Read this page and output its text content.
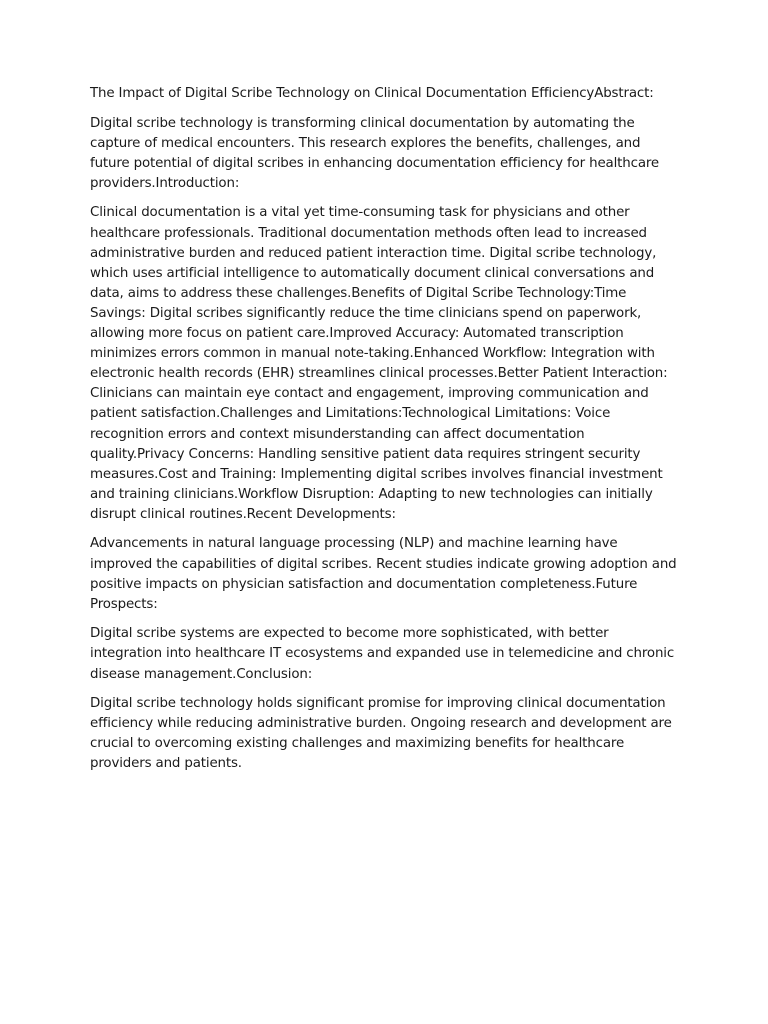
The Impact of Digital Scribe Technology on Clinical Documentation EfficiencyAbstract:

Digital scribe technology is transforming clinical documentation by automating the capture of medical encounters. This research explores the benefits, challenges, and future potential of digital scribes in enhancing documentation efficiency for healthcare providers.Introduction:

Clinical documentation is a vital yet time-consuming task for physicians and other healthcare professionals. Traditional documentation methods often lead to increased administrative burden and reduced patient interaction time. Digital scribe technology, which uses artificial intelligence to automatically document clinical conversations and data, aims to address these challenges.Benefits of Digital Scribe Technology:Time Savings: Digital scribes significantly reduce the time clinicians spend on paperwork, allowing more focus on patient care.Improved Accuracy: Automated transcription minimizes errors common in manual note-taking.Enhanced Workflow: Integration with electronic health records (EHR) streamlines clinical processes.Better Patient Interaction: Clinicians can maintain eye contact and engagement, improving communication and patient satisfaction.Challenges and Limitations:Technological Limitations: Voice recognition errors and context misunderstanding can affect documentation quality.Privacy Concerns: Handling sensitive patient data requires stringent security measures.Cost and Training: Implementing digital scribes involves financial investment and training clinicians.Workflow Disruption: Adapting to new technologies can initially disrupt clinical routines.Recent Developments:

Advancements in natural language processing (NLP) and machine learning have improved the capabilities of digital scribes. Recent studies indicate growing adoption and positive impacts on physician satisfaction and documentation completeness.Future Prospects:

Digital scribe systems are expected to become more sophisticated, with better integration into healthcare IT ecosystems and expanded use in telemedicine and chronic disease management.Conclusion:

Digital scribe technology holds significant promise for improving clinical documentation efficiency while reducing administrative burden. Ongoing research and development are crucial to overcoming existing challenges and maximizing benefits for healthcare providers and patients.
